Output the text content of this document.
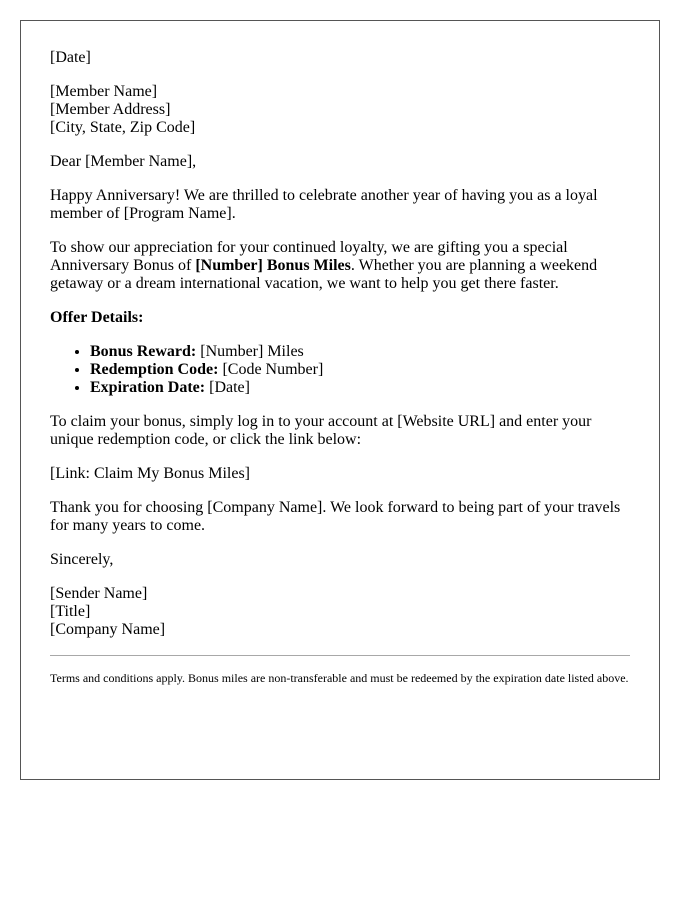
[Date]

[Member Name]
[Member Address]
[City, State, Zip Code]

Dear [Member Name],

Happy Anniversary! We are thrilled to celebrate another year of having you as a loyal member of [Program Name].

To show our appreciation for your continued loyalty, we are gifting you a special Anniversary Bonus of [Number] Bonus Miles. Whether you are planning a weekend getaway or a dream international vacation, we want to help you get there faster.

Offer Details:

• Bonus Reward: [Number] Miles
• Redemption Code: [Code Number]
• Expiration Date: [Date]

To claim your bonus, simply log in to your account at [Website URL] and enter your unique redemption code, or click the link below:

[Link: Claim My Bonus Miles]

Thank you for choosing [Company Name]. We look forward to being part of your travels for many years to come.

Sincerely,

[Sender Name]
[Title]
[Company Name]

Terms and conditions apply. Bonus miles are non-transferable and must be redeemed by the expiration date listed above.
